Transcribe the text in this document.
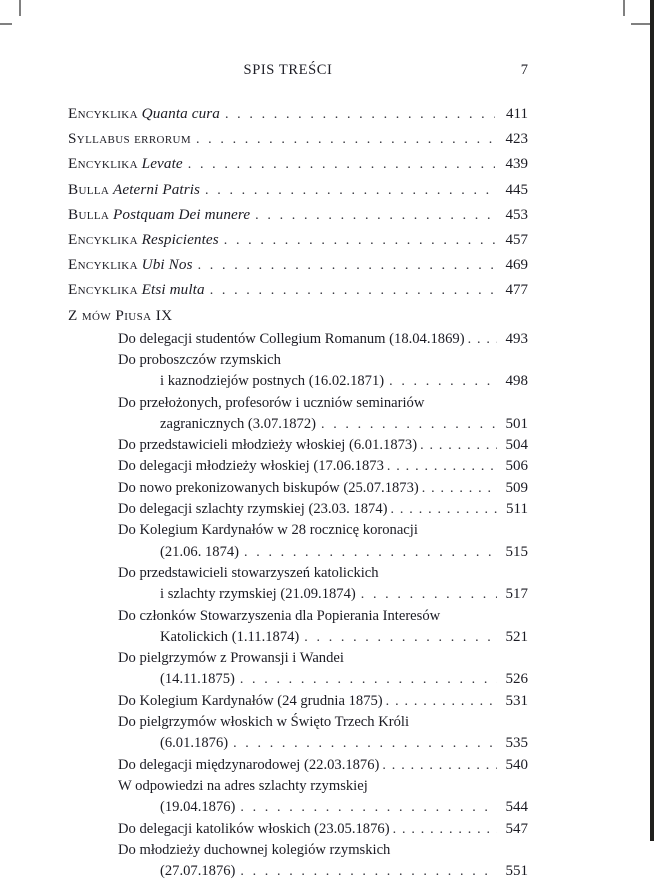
SPIS TREŚCI	7
Encyklika Quanta cura . . .	411
Syllabus errorum . . .	423
Encyklika Levate . . .	439
Bulla Aeterni Patris . . .	445
Bulla Postquam Dei munere . . .	453
Encyklika Respicientes . . .	457
Encyklika Ubi Nos . . .	469
Encyklika Etsi multa . . .	477
Z mów Piusa IX
Do delegacji studentów Collegium Romanum (18.04.1869) . . .	493
Do proboszczów rzymskich
i kaznodziejów postnych (16.02.1871) . . .	498
Do przełożonych, profesorów i uczniów seminariów
zagranicznych (3.07.1872) . . .	501
Do przedstawicieli młodzieży włoskiej (6.01.1873) . . .	504
Do delegacji młodzieży włoskiej (17.06.1873 . . .	506
Do nowo prekonizowanych biskupów (25.07.1873) . . .	509
Do delegacji szlachty rzymskiej (23.03. 1874) . . .	511
Do Kolegium Kardynałów w 28 rocznicę koronacji
(21.06. 1874) . . .	515
Do przedstawicieli stowarzyszeń katolickich
i szlachty rzymskiej (21.09.1874) . . .	517
Do członków Stowarzyszenia dla Popierania Interesów
Katolickich (1.11.1874) . . .	521
Do pielgrzymów z Prowansji i Wandei
(14.11.1875) . . .	526
Do Kolegium Kardynałów (24 grudnia 1875) . . .	531
Do pielgrzymów włoskich w Święto Trzech Króli
(6.01.1876) . . .	535
Do delegacji międzynarodowej (22.03.1876) . . .	540
W odpowiedzi na adres szlachty rzymskiej
(19.04.1876) . . .	544
Do delegacji katolików włoskich (23.05.1876) . . .	547
Do młodzieży duchownej kolegiów rzymskich
(27.07.1876) . . .	551
